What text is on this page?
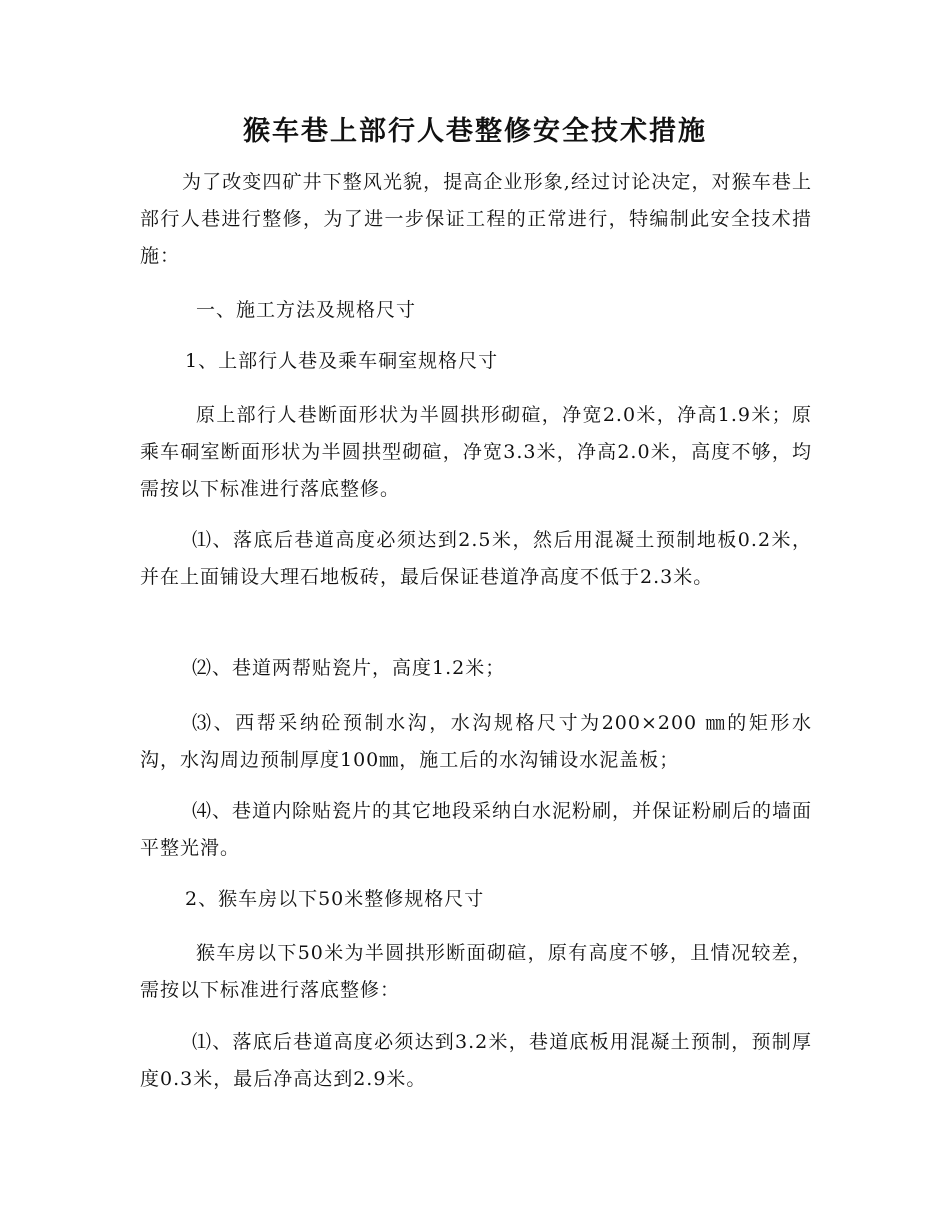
猴车巷上部行人巷整修安全技术措施

为了改变四矿井下整风光貌，提高企业形象,经过讨论决定，对猴车巷上部行人巷进行整修，为了进一步保证工程的正常进行，特编制此安全技术措施：

一、施工方法及规格尺寸

1、上部行人巷及乘车硐室规格尺寸

原上部行人巷断面形状为半圆拱形砌碹，净宽2.0米，净高1.9米；原乘车硐室断面形状为半圆拱型砌碹，净宽3.3米，净高2.0米，高度不够，均需按以下标准进行落底整修。

⑴、落底后巷道高度必须达到2.5米，然后用混凝土预制地板0.2米，并在上面铺设大理石地板砖，最后保证巷道净高度不低于2.3米。

⑵、巷道两帮贴瓷片，高度1.2米；

⑶、西帮采纳砼预制水沟，水沟规格尺寸为200×200 ㎜的矩形水沟，水沟周边预制厚度100㎜，施工后的水沟铺设水泥盖板；

⑷、巷道内除贴瓷片的其它地段采纳白水泥粉刷，并保证粉刷后的墙面平整光滑。

2、猴车房以下50米整修规格尺寸

猴车房以下50米为半圆拱形断面砌碹，原有高度不够，且情况较差，需按以下标准进行落底整修：

⑴、落底后巷道高度必须达到3.2米，巷道底板用混凝土预制，预制厚度0.3米，最后净高达到2.9米。
